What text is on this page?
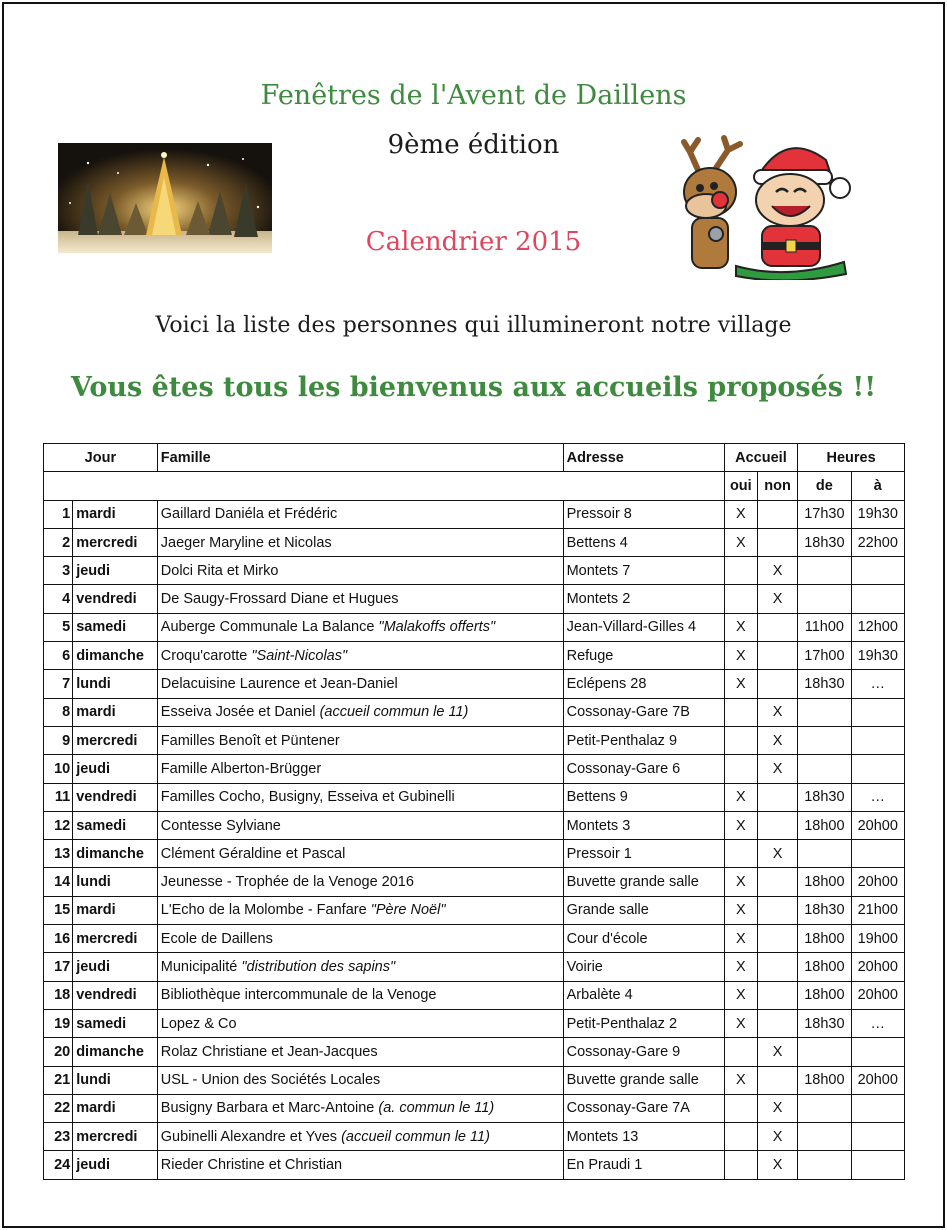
Fenêtres de l'Avent de Daillens
9ème édition
Calendrier 2015
Voici la liste des personnes qui illumineront notre village
Vous êtes tous les bienvenus aux accueils proposés !!
Jour		Famille	Adresse	Accueil		Heures	
				oui	non	de	à
1	mardi	Gaillard Daniéla et Frédéric	Pressoir 8	X		17h30	19h30
2	mercredi	Jaeger Maryline et Nicolas	Bettens 4	X		18h30	22h00
3	jeudi	Dolci Rita et Mirko	Montets 7		X		
4	vendredi	De Saugy-Frossard Diane et Hugues	Montets 2		X		
5	samedi	Auberge Communale La Balance "Malakoffs offerts"	Jean-Villard-Gilles 4	X		11h00	12h00
6	dimanche	Croqu'carotte "Saint-Nicolas"	Refuge	X		17h00	19h30
7	lundi	Delacuisine Laurence et Jean-Daniel	Eclépens 28	X		18h30	…
8	mardi	Esseiva Josée et Daniel (accueil commun le 11)	Cossonay-Gare 7B		X		
9	mercredi	Familles Benoît et Püntener	Petit-Penthalaz 9		X		
10	jeudi	Famille Alberton-Brügger	Cossonay-Gare 6		X		
11	vendredi	Familles Cocho, Busigny, Esseiva et Gubinelli	Bettens 9	X		18h30	…
12	samedi	Contesse Sylviane	Montets 3	X		18h00	20h00
13	dimanche	Clément Géraldine et Pascal	Pressoir 1		X		
14	lundi	Jeunesse - Trophée de la Venoge 2016	Buvette grande salle	X		18h00	20h00
15	mardi	L'Echo de la Molombe - Fanfare "Père Noël"	Grande salle	X		18h30	21h00
16	mercredi	Ecole de Daillens	Cour d'école	X		18h00	19h00
17	jeudi	Municipalité "distribution des sapins"	Voirie	X		18h00	20h00
18	vendredi	Bibliothèque intercommunale de la Venoge	Arbalète 4	X		18h00	20h00
19	samedi	Lopez & Co	Petit-Penthalaz 2	X		18h30	…
20	dimanche	Rolaz Christiane et Jean-Jacques	Cossonay-Gare 9		X		
21	lundi	USL - Union des Sociétés Locales	Buvette grande salle	X		18h00	20h00
22	mardi	Busigny Barbara et Marc-Antoine (a. commun le 11)	Cossonay-Gare 7A		X		
23	mercredi	Gubinelli Alexandre et Yves (accueil commun le 11)	Montets 13		X		
24	jeudi	Rieder Christine et Christian	En Praudi 1		X		
